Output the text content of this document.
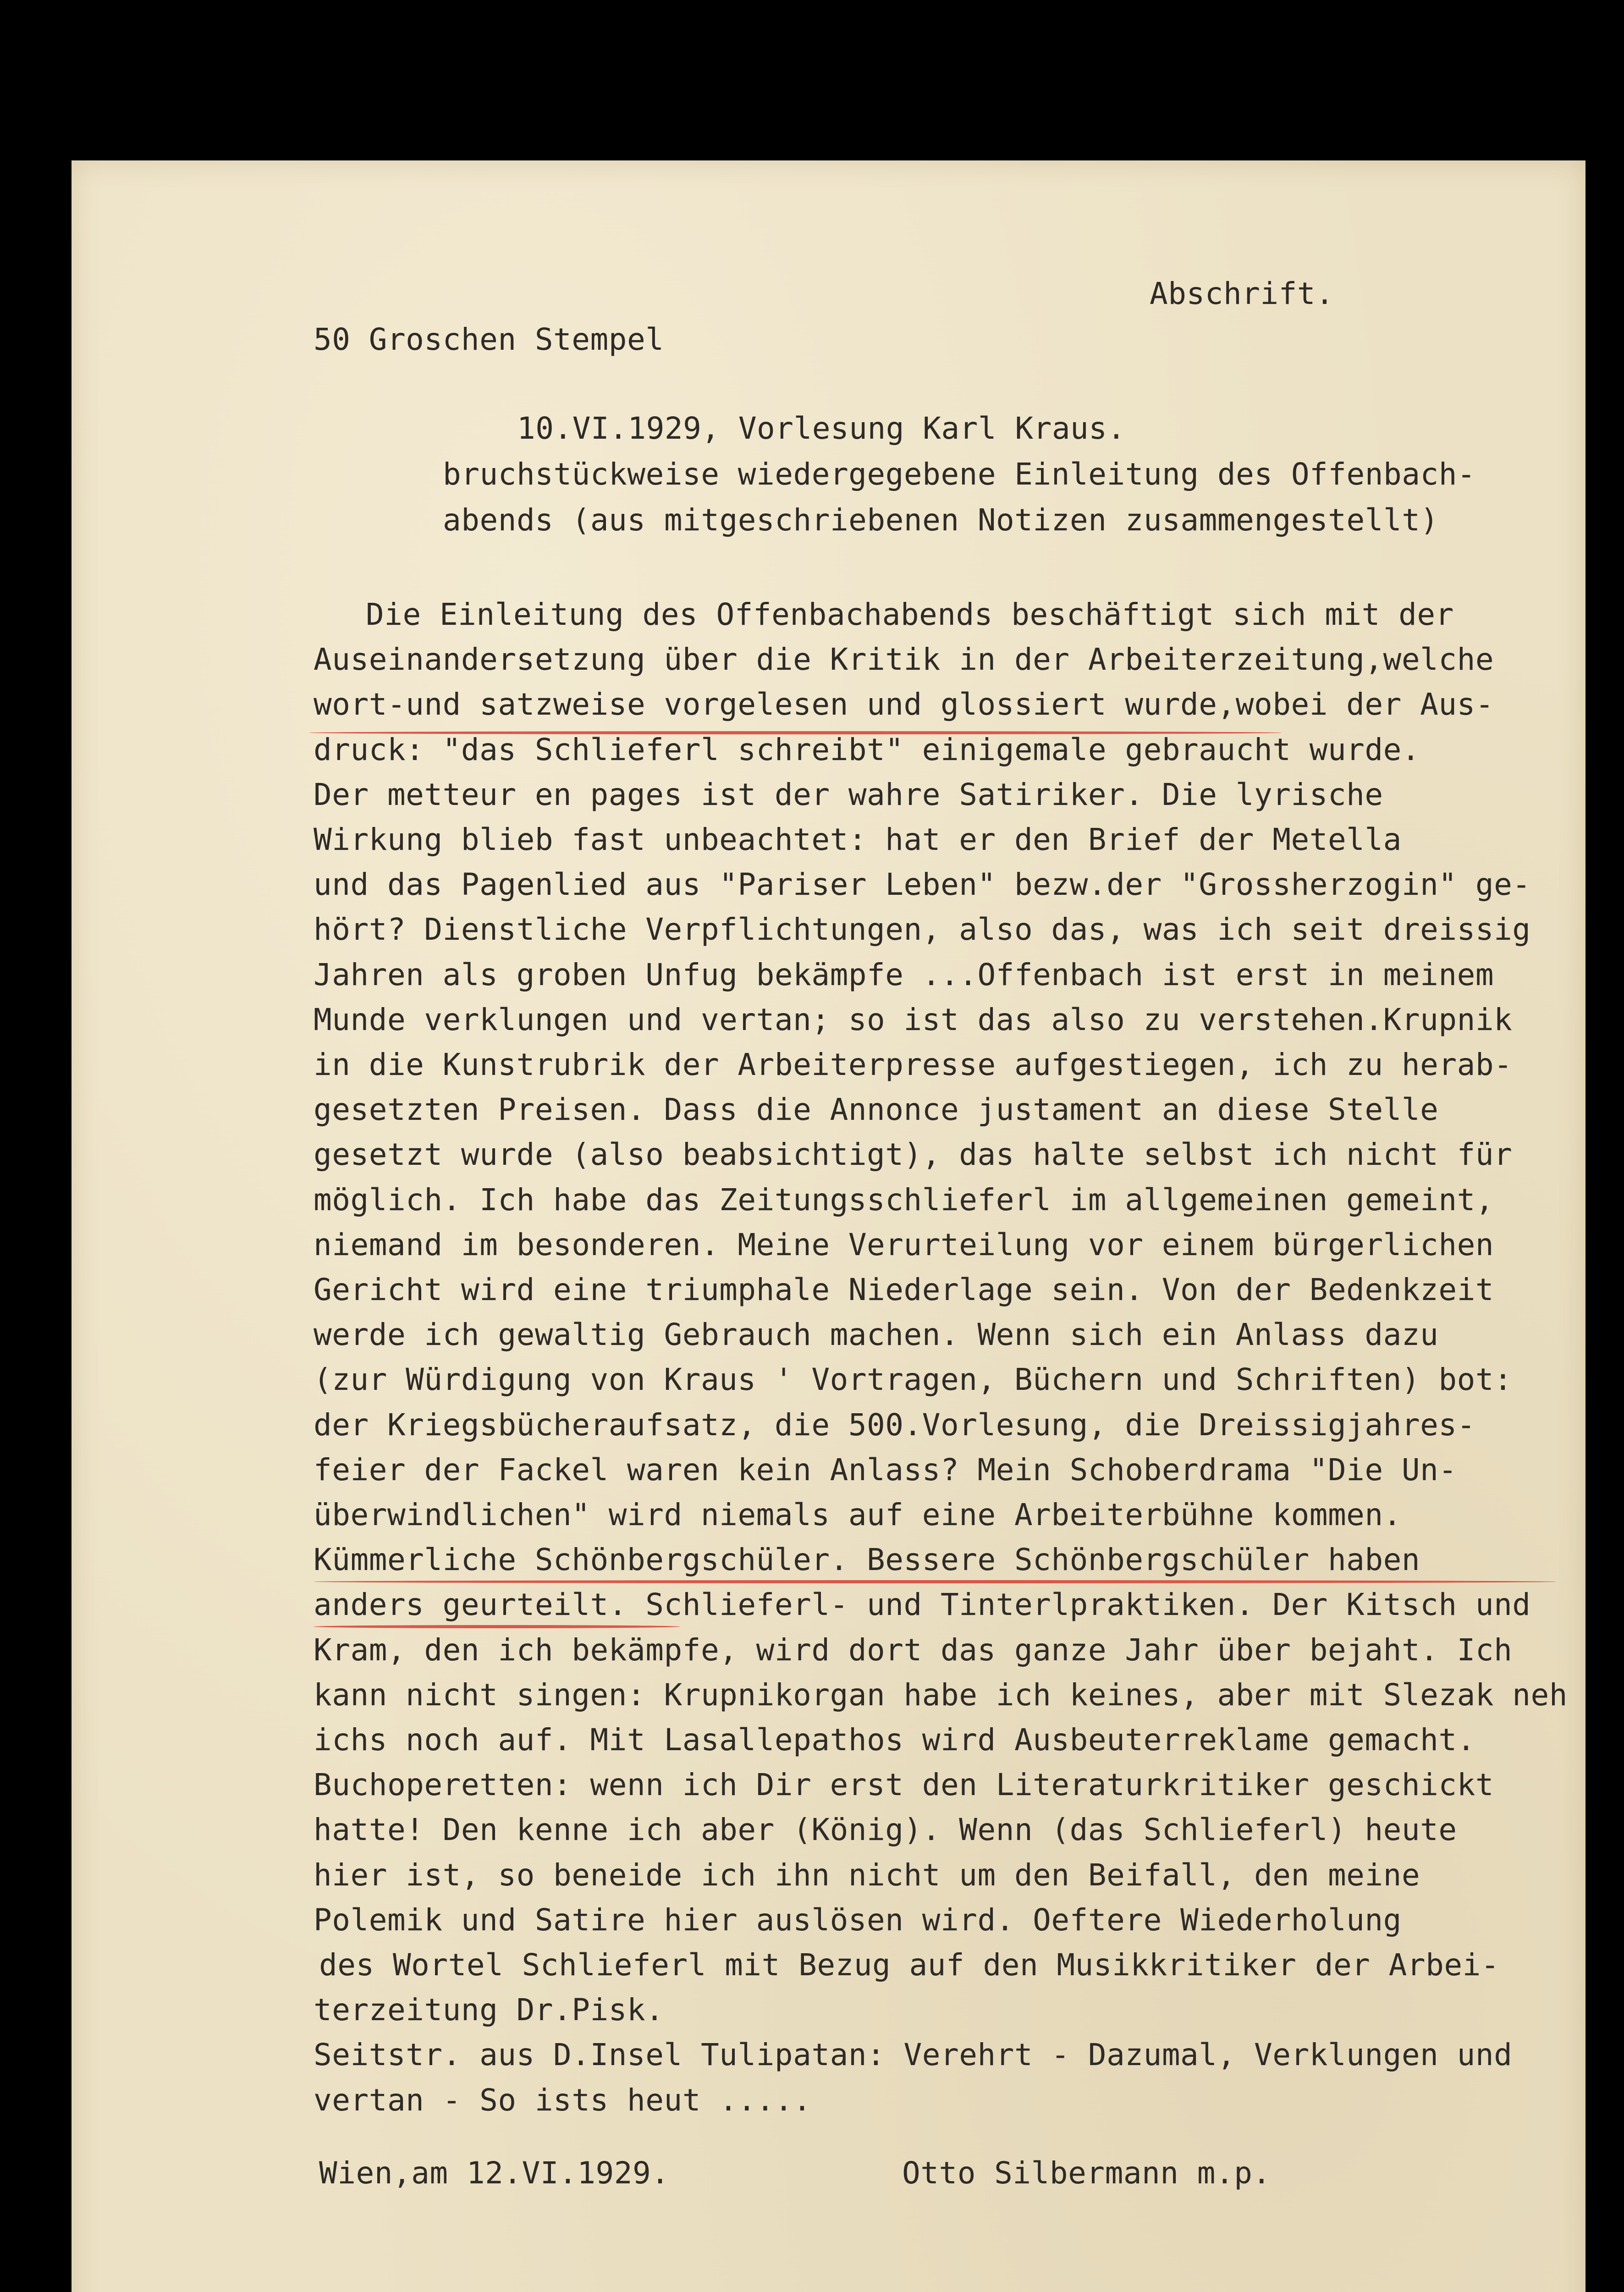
Abschrift.

50 Groschen Stempel

10.VI.1929, Vorlesung Karl Kraus.

bruchstückweise wiedergegebene Einleitung des Offenbach-

abends (aus mitgeschriebenen Notizen zusammengestellt)

Die Einleitung des Offenbachabends beschäftigt sich mit der

Auseinandersetzung über die Kritik in der Arbeiterzeitung,welche

wort-und satzweise vorgelesen und glossiert wurde,wobei der Aus-

druck: "das Schlieferl schreibt" einigemale gebraucht wurde.

Der metteur en pages ist der wahre Satiriker. Die lyrische

Wirkung blieb fast unbeachtet: hat er den Brief der Metella

und das Pagenlied aus "Pariser Leben" bezw.der "Grossherzogin" ge-

hört? Dienstliche Verpflichtungen, also das, was ich seit dreissig

Jahren als groben Unfug bekämpfe ...Offenbach ist erst in meinem

Munde verklungen und vertan; so ist das also zu verstehen.Krupnik

in die Kunstrubrik der Arbeiterpresse aufgestiegen, ich zu herab-

gesetzten Preisen. Dass die Annonce justament an diese Stelle

gesetzt wurde (also beabsichtigt), das halte selbst ich nicht für

möglich. Ich habe das Zeitungsschlieferl im allgemeinen gemeint,

niemand im besonderen. Meine Verurteilung vor einem bürgerlichen

Gericht wird eine triumphale Niederlage sein. Von der Bedenkzeit

werde ich gewaltig Gebrauch machen. Wenn sich ein Anlass dazu

(zur Würdigung von Kraus ' Vortragen, Büchern und Schriften) bot:

der Kriegsbücheraufsatz, die 500.Vorlesung, die Dreissigjahres-

feier der Fackel waren kein Anlass? Mein Schoberdrama "Die Un-

überwindlichen" wird niemals auf eine Arbeiterbühne kommen.

Kümmerliche Schönbergschüler. Bessere Schönbergschüler haben

anders geurteilt. Schlieferl- und Tinterlpraktiken. Der Kitsch und

Kram, den ich bekämpfe, wird dort das ganze Jahr über bejaht. Ich

kann nicht singen: Krupnikorgan habe ich keines, aber mit Slezak neh

ichs noch auf. Mit Lasallepathos wird Ausbeuterreklame gemacht.

Buchoperetten: wenn ich Dir erst den Literaturkritiker geschickt

hatte! Den kenne ich aber (König). Wenn (das Schlieferl) heute

hier ist, so beneide ich ihn nicht um den Beifall, den meine

Polemik und Satire hier auslösen wird. Oeftere Wiederholung

des Wortel Schlieferl mit Bezug auf den Musikkritiker der Arbei-

terzeitung Dr.Pisk.

Seitstr. aus D.Insel Tulipatan: Verehrt - Dazumal, Verklungen und

vertan - So ists heut .....

Wien,am 12.VI.1929.	Otto Silbermann m.p.
